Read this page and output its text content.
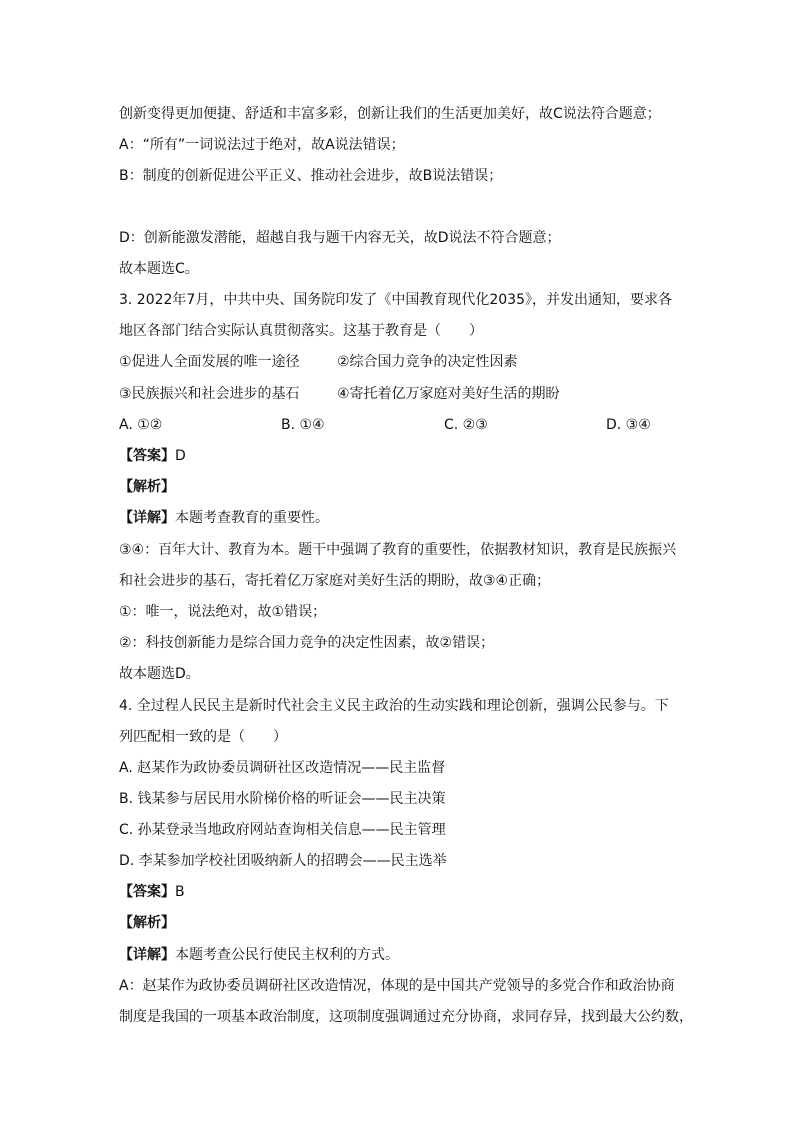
创新变得更加便捷、舒适和丰富多彩，创新让我们的生活更加美好，故C说法符合题意；
A：“所有”一词说法过于绝对，故A说法错误；
B：制度的创新促进公平正义、推动社会进步，故B说法错误；
D：创新能激发潜能，超越自我与题干内容无关，故D说法不符合题意；
故本题选C。
3. 2022年7月，中共中央、国务院印发了《中国教育现代化2035》，并发出通知，要求各
地区各部门结合实际认真贯彻落实。这基于教育是（　　）
①促进人全面发展的唯一途径	②综合国力竞争的决定性因素
③民族振兴和社会进步的基石	④寄托着亿万家庭对美好生活的期盼
A. ①②	B. ①④	C. ②③	D. ③④
【答案】D
【解析】
【详解】本题考查教育的重要性。
③④：百年大计、教育为本。题干中强调了教育的重要性，依据教材知识，教育是民族振兴
和社会进步的基石，寄托着亿万家庭对美好生活的期盼，故③④正确；
①：唯一，说法绝对，故①错误；
②：科技创新能力是综合国力竞争的决定性因素，故②错误；
故本题选D。
4. 全过程人民民主是新时代社会主义民主政治的生动实践和理论创新，强调公民参与。下
列匹配相一致的是（　　）
A. 赵某作为政协委员调研社区改造情况——民主监督
B. 钱某参与居民用水阶梯价格的听证会——民主决策
C. 孙某登录当地政府网站查询相关信息——民主管理
D. 李某参加学校社团吸纳新人的招聘会——民主选举
【答案】B
【解析】
【详解】本题考查公民行使民主权利的方式。
A：赵某作为政协委员调研社区改造情况，体现的是中国共产党领导的多党合作和政治协商
制度是我国的一项基本政治制度，这项制度强调通过充分协商，求同存异，找到最大公约数，
